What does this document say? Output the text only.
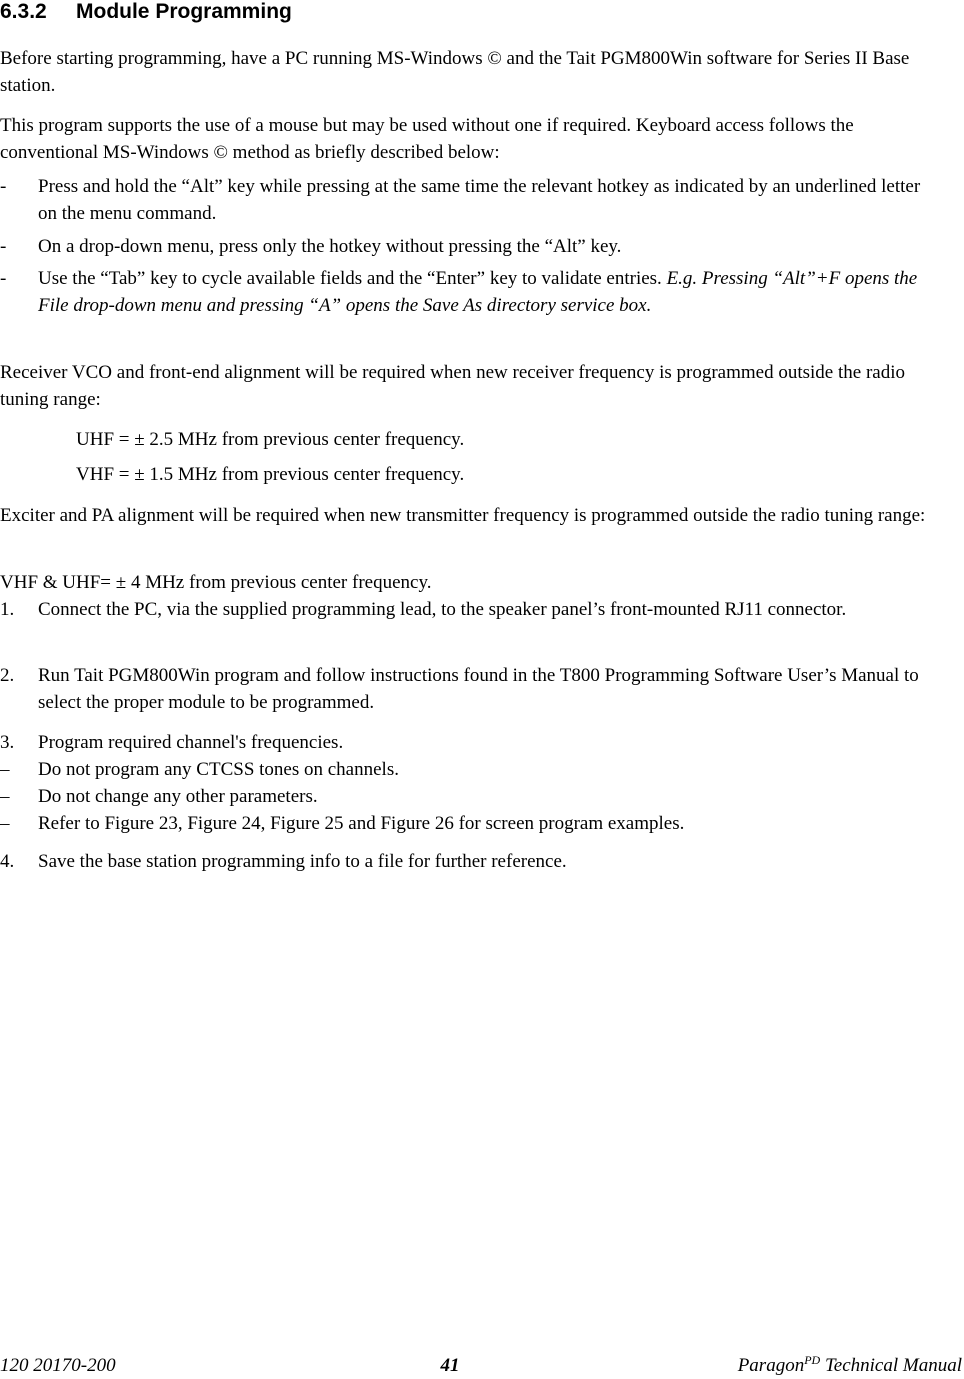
6.3.2 Module Programming

Before starting programming, have a PC running MS-Windows © and the Tait PGM800Win software for Series II Base station.

This program supports the use of a mouse but may be used without one if required. Keyboard access follows the conventional MS-Windows © method as briefly described below:

- Press and hold the “Alt” key while pressing at the same time the relevant hotkey as indicated by an underlined letter on the menu command.
- On a drop-down menu, press only the hotkey without pressing the “Alt” key.
- Use the “Tab” key to cycle available fields and the “Enter” key to validate entries. E.g. Pressing “Alt”+F opens the File drop-down menu and pressing “A” opens the Save As directory service box.

Receiver VCO and front-end alignment will be required when new receiver frequency is programmed outside the radio tuning range:

UHF = ± 2.5 MHz from previous center frequency.

VHF = ± 1.5 MHz from previous center frequency.

Exciter and PA alignment will be required when new transmitter frequency is programmed outside the radio tuning range:

VHF & UHF= ± 4 MHz from previous center frequency.

1. Connect the PC, via the supplied programming lead, to the speaker panel’s front-mounted RJ11 connector.
2. Run Tait PGM800Win program and follow instructions found in the T800 Programming Software User’s Manual to select the proper module to be programmed.
3. Program required channel's frequencies.
– Do not program any CTCSS tones on channels.
– Do not change any other parameters.
– Refer to Figure 23, Figure 24, Figure 25 and Figure 26 for screen program examples.
4. Save the base station programming info to a file for further reference.
120 20170-200	41	Paragon$^{PD}$ Technical Manual
